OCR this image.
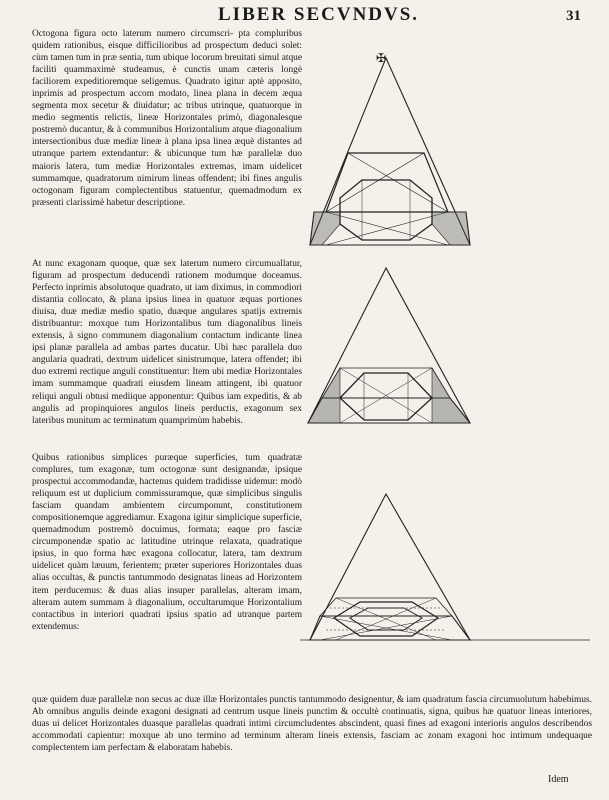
LIBER SECVNDVS.	31
Octogona figura octo laterum numero circumscri- pta compluribus quidem rationibus, eisque difficilioribus ad prospectum deduci solet: cùm tamen tum in præ sentia, tum ubique locorum breuitati simul atque faciliti quammaximè studeamus, è cunctis unam cæteris longè faciliorem expeditioremque seligemus. Quadrato igitur aptè apposito, inprimis ad prospectum accom modato, linea plana in decem æqua segmenta mox secetur & diuidatur; ac tribus utrinque, quatuorque in medio segmentis relictis, lineæ Horizontales primò, diagonalesque postremò ducantur, & à communibus Horizontalium atque diagonalium intersectionibus duæ mediæ lineæ à plana ipsa linea æquè distantes ad utranque partem extendantur: & ubicunque tum hæ parallelæ duo maioris latera, tum mediæ Horizontales extremas, imam uidelicet summamque, quadratorum nimirum lineas offendent; ibi fines angulis octogonam figuram complectentibus statuentur, quemadmodum ex præsenti clarissimè habetur descriptione.
At nunc exagonam quoque, quæ sex laterum numero circumuallatur, figuram ad prospectum deducendi rationem modumque doceamus. Perfecto inprimis absolutoque quadrato, ut iam diximus, in commodiori distantia collocato, & plana ipsius linea in quatuor æquas portiones diuisa, duæ mediæ medio spatio, duæque angulares spatijs extremis distribuantur: moxque tum Horizontalibus tum diagonalibus lineis extensis, à signo communem diagonalium contactum indicante linea ipsi planæ parallela ad ambas partes ducatur. Ubi hæc parallela duo angularia quadrati, dextrum uidelicet sinistrumque, latera offendet; ibi duo extremi rectique anguli constituentur: Item ubi mediæ Horizontales imam summamque quadrati eiusdem lineam attingent, ibi quatuor reliqui anguli obtusi mediique apponentur: Quibus iam expeditis, & ab angulis ad propinquiores angulos lineis perductis, exagonum sex lateribus munitum ac terminatum quamprimùm habebis.
Quibus rationibus simplices puræque superficies, tum quadratæ complures, tum exagonæ, tum octogonæ sunt designandæ, ipsique prospectui accommodandæ, hactenus quidem tradidisse uidemur: modò reliquum est ut duplicium commissuramque, quæ simplicibus singulis fasciam quandam ambientem circumponunt, constitutionem compositionemque aggrediamur. Exagona igitur simplicique superficie, quemadmodum postremò docuimus, formata; eaque pro fasciæ circumponendæ spatio ac latitudine utrinque relaxata, quadratique ipsius, in quo forma hæc exagona collocatur, latera, tam dextrum uidelicet quàm læuum, ferientem; præter superiores Horizontales duas alias occultas, & punctis tantummodo designatas lineas ad Horizontem item perducemus: & duas alias insuper parallelas, alteram imam, alteram autem summam à diagonalium, occultarumque Horizontalium contactibus in interiori quadrati ipsius spatio ad utranque partem extendemus:
quæ quidem duæ parallelæ non secus ac duæ illæ Horizontales punctis tantummodo designentur, & iam quadratum fascia circumuolutum habebimus. Ab omnibus angulis deinde exagoni designati ad centrum usque lineis punctim & occultè continuatis, signa, quibus hæ quatuor lineas interiores, duas ui delicet Horizontales duasque parallelas quadrati intimi circumcludentes abscindent, quasi fines ad exagoni interioris angulos describendos accommodati capientur: moxque ab uno termino ad terminum alteram lineis extensis, fasciam ac zonam exagoni hoc intimum undequaque complectentem iam perfectam & elaboratam habebis.
Idem
✠
